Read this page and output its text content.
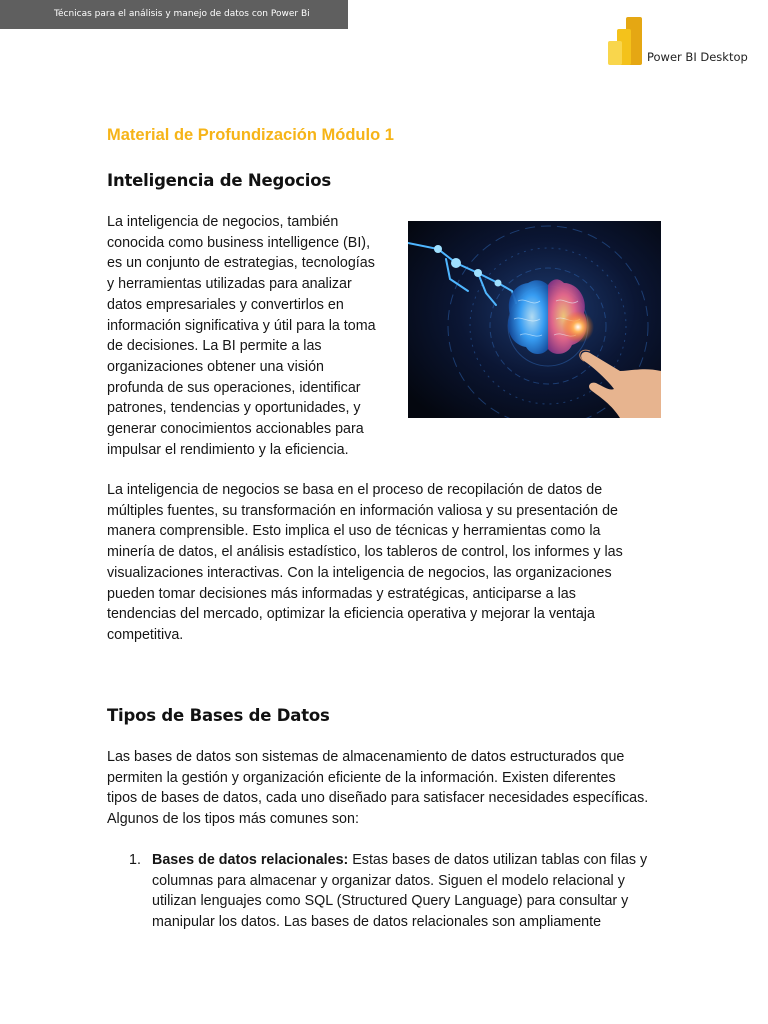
Técnicas para el análisis y manejo de datos con Power Bi
Power BI Desktop
Material de Profundización Módulo 1
Inteligencia de Negocios
La inteligencia de negocios, también
conocida como business intelligence (BI),
es un conjunto de estrategias, tecnologías
y herramientas utilizadas para analizar
datos empresariales y convertirlos en
información significativa y útil para la toma
de decisiones. La BI permite a las
organizaciones obtener una visión
profunda de sus operaciones, identificar
patrones, tendencias y oportunidades, y
generar conocimientos accionables para
impulsar el rendimiento y la eficiencia.
La inteligencia de negocios se basa en el proceso de recopilación de datos de
múltiples fuentes, su transformación en información valiosa y su presentación de
manera comprensible. Esto implica el uso de técnicas y herramientas como la
minería de datos, el análisis estadístico, los tableros de control, los informes y las
visualizaciones interactivas. Con la inteligencia de negocios, las organizaciones
pueden tomar decisiones más informadas y estratégicas, anticiparse a las
tendencias del mercado, optimizar la eficiencia operativa y mejorar la ventaja
competitiva.
Tipos de Bases de Datos
Las bases de datos son sistemas de almacenamiento de datos estructurados que
permiten la gestión y organización eficiente de la información. Existen diferentes
tipos de bases de datos, cada uno diseñado para satisfacer necesidades específicas.
Algunos de los tipos más comunes son:
1. Bases de datos relacionales: Estas bases de datos utilizan tablas con filas y
columnas para almacenar y organizar datos. Siguen el modelo relacional y
utilizan lenguajes como SQL (Structured Query Language) para consultar y
manipular los datos. Las bases de datos relacionales son ampliamente
